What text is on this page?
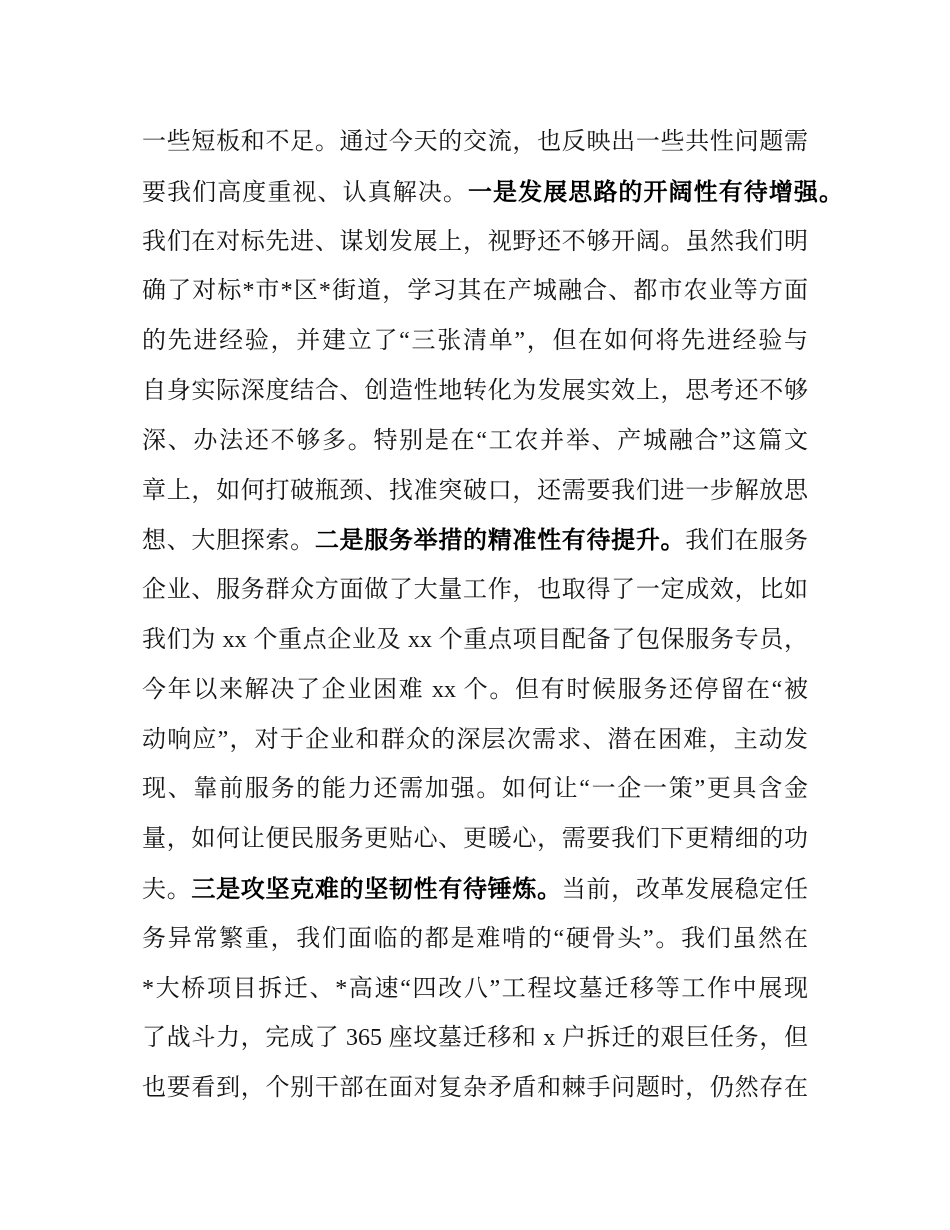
一些短板和不足。通过今天的交流，也反映出一些共性问题需
要我们高度重视、认真解决。一是发展思路的开阔性有待增强。
我们在对标先进、谋划发展上，视野还不够开阔。虽然我们明
确了对标*市*区*街道，学习其在产城融合、都市农业等方面
的先进经验，并建立了“三张清单”，但在如何将先进经验与
自身实际深度结合、创造性地转化为发展实效上，思考还不够
深、办法还不够多。特别是在“工农并举、产城融合”这篇文
章上，如何打破瓶颈、找准突破口，还需要我们进一步解放思
想、大胆探索。二是服务举措的精准性有待提升。我们在服务
企业、服务群众方面做了大量工作，也取得了一定成效，比如
我们为 xx 个重点企业及 xx 个重点项目配备了包保服务专员，
今年以来解决了企业困难 xx 个。但有时候服务还停留在“被
动响应”，对于企业和群众的深层次需求、潜在困难，主动发
现、靠前服务的能力还需加强。如何让“一企一策”更具含金
量，如何让便民服务更贴心、更暖心，需要我们下更精细的功
夫。三是攻坚克难的坚韧性有待锤炼。当前，改革发展稳定任
务异常繁重，我们面临的都是难啃的“硬骨头”。我们虽然在
*大桥项目拆迁、*高速“四改八”工程坟墓迁移等工作中展现
了战斗力，完成了 365 座坟墓迁移和 x 户拆迁的艰巨任务，但
也要看到，个别干部在面对复杂矛盾和棘手问题时，仍然存在
